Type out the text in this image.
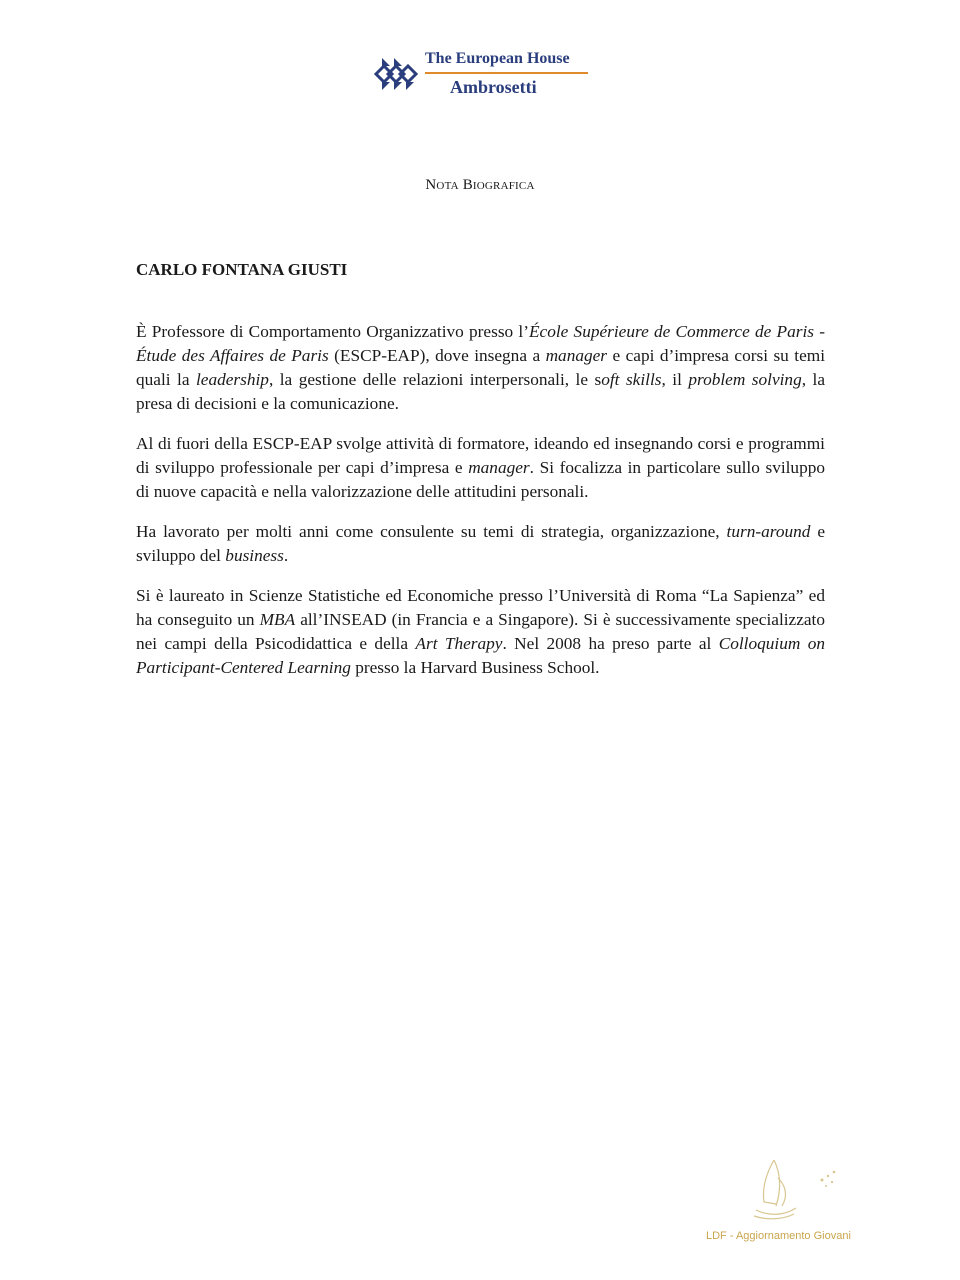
The European House
Ambrosetti
Nota Biografica
CARLO FONTANA GIUSTI

È Professore di Comportamento Organizzativo presso l’École Supérieure de Commerce de Paris - Étude des Affaires de Paris (ESCP-EAP), dove insegna a manager e capi d’impresa corsi su temi quali la leadership, la gestione delle relazioni interpersonali, le soft skills, il problem solving, la presa di decisioni e la comunicazione.

Al di fuori della ESCP-EAP svolge attività di formatore, ideando ed insegnando corsi e programmi di sviluppo professionale per capi d’impresa e manager. Si focalizza in particolare sullo sviluppo di nuove capacità e nella valorizzazione delle attitudini personali.

Ha lavorato per molti anni come consulente su temi di strategia, organizzazione, turn-around e sviluppo del business.

Si è laureato in Scienze Statistiche ed Economiche presso l’Università di Roma “La Sapienza” ed ha conseguito un MBA all’INSEAD (in Francia e a Singapore). Si è successivamente specializzato nei campi della Psicodidattica e della Art Therapy. Nel 2008 ha preso parte al Colloquium on Participant-Centered Learning presso la Harvard Business School.

LDF - Aggiornamento Giovani
